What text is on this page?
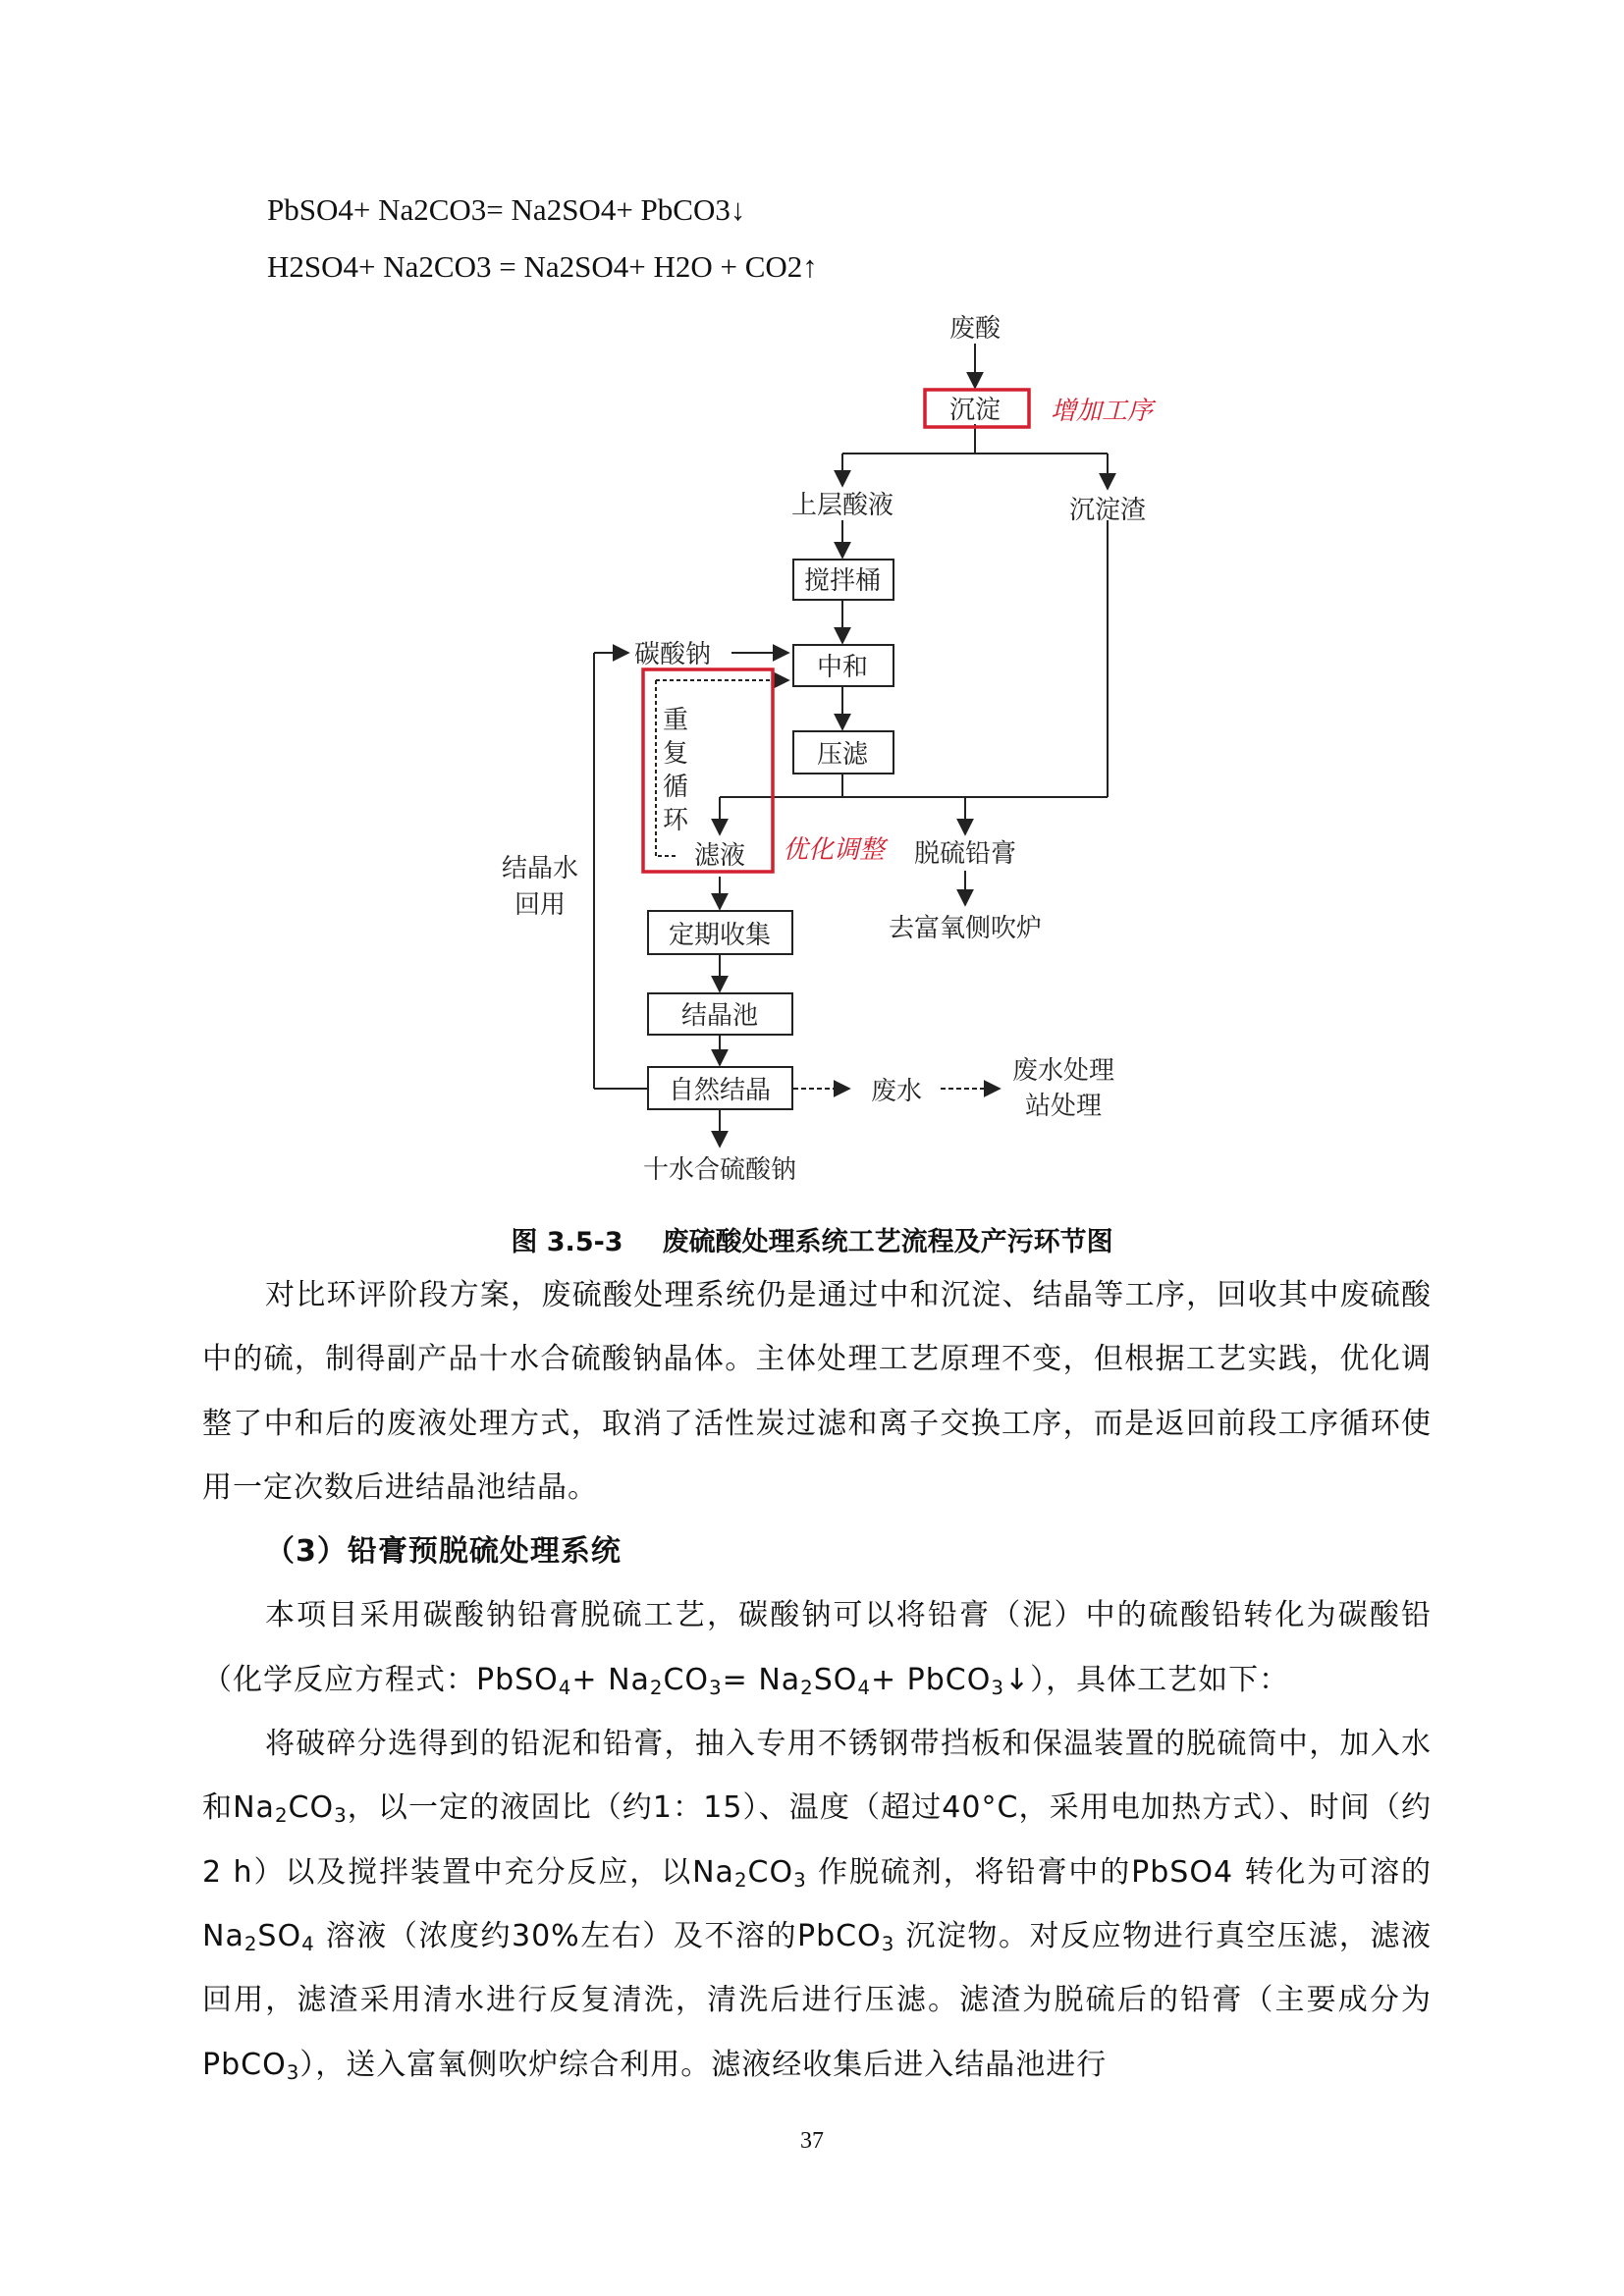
PbSO4+ Na2CO3= Na2SO4+ PbCO3↓
H2SO4+ Na2CO3 = Na2SO4+ H2O + CO2↑
废酸
沉淀 增加工序
上层酸液	沉淀渣
搅拌桶
碳酸钠	中和
压滤
重
复
循
环
滤液 优化调整 脱硫铅膏
去富氧侧吹炉
结晶水
回用
定期收集
结晶池
自然结晶	废水
废水处理
站处理
十水合硫酸钠
图 3.5-3 废硫酸处理系统工艺流程及产污环节图

对比环评阶段方案，废硫酸处理系统仍是通过中和沉淀、结晶等工序，回收其中废硫酸中的硫，制得副产品十水合硫酸钠晶体。主体处理工艺原理不变，但根据工艺实践，优化调整了中和后的废液处理方式，取消了活性炭过滤和离子交换工序，而是返回前段工序循环使用一定次数后进结晶池结晶。

（3）铅膏预脱硫处理系统

本项目采用碳酸钠铅膏脱硫工艺，碳酸钠可以将铅膏（泥）中的硫酸铅转化为碳酸铅（化学反应方程式：PbSO$_4$+ $Na_2CO_3= Na_2SO_4+$ PbCO$_3$↓），具体工艺如下：

将破碎分选得到的铅泥和铅膏，抽入专用不锈钢带挡板和保温装置的脱硫筒中，加入水和$Na_2CO_3$，以一定的液固比（约1：15）、温度（超过40°C，采用电加热方式）、时间（约2 h）以及搅拌装置中充分反应，以$Na_2CO_3$ 作脱硫剂，将铅膏中的PbSO4 转化为可溶的$Na_2SO_4$ 溶液（浓度约30%左右）及不溶的PbCO$_3$ 沉淀物。对反应物进行真空压滤，滤液回用，滤渣采用清水进行反复清洗，清洗后进行压滤。滤渣为脱硫后的铅膏（主要成分为PbCO$_3$），送入富氧侧吹炉综合利用。滤液经收集后进入结晶池进行

37
